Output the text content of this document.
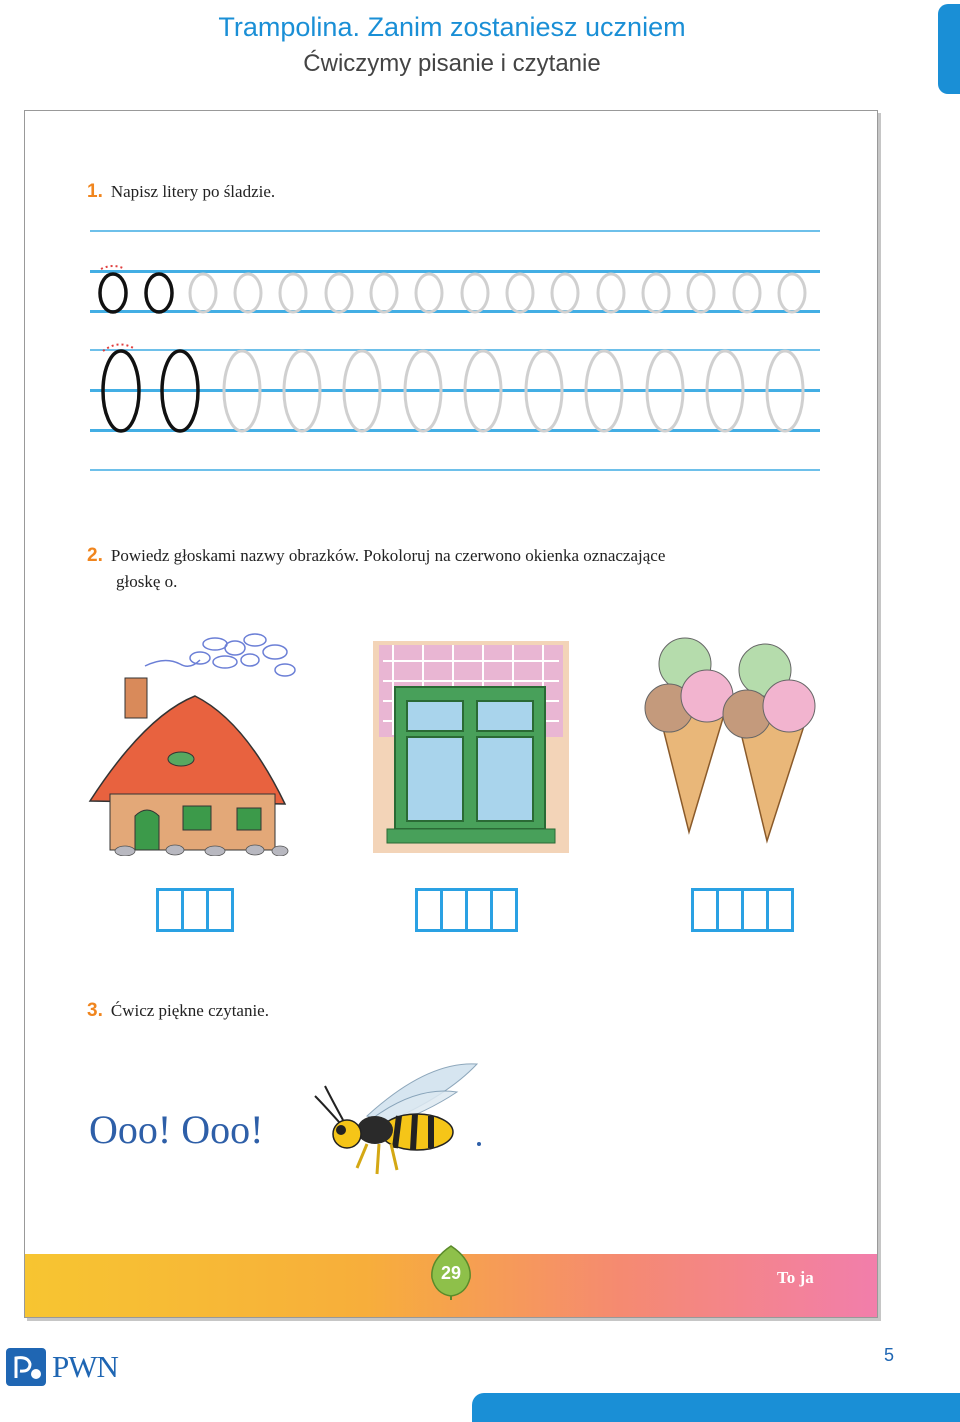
Trampolina. Zanim zostaniesz uczniem
Ćwiczymy pisanie i czytanie
1. Napisz litery po śladzie.
2. Powiedz głoskami nazwy obrazków. Pokoloruj na czerwono okienka oznaczające
głoskę o.
3. Ćwicz piękne czytanie.
Ooo! Ooo!
29	To ja
PWN	5
